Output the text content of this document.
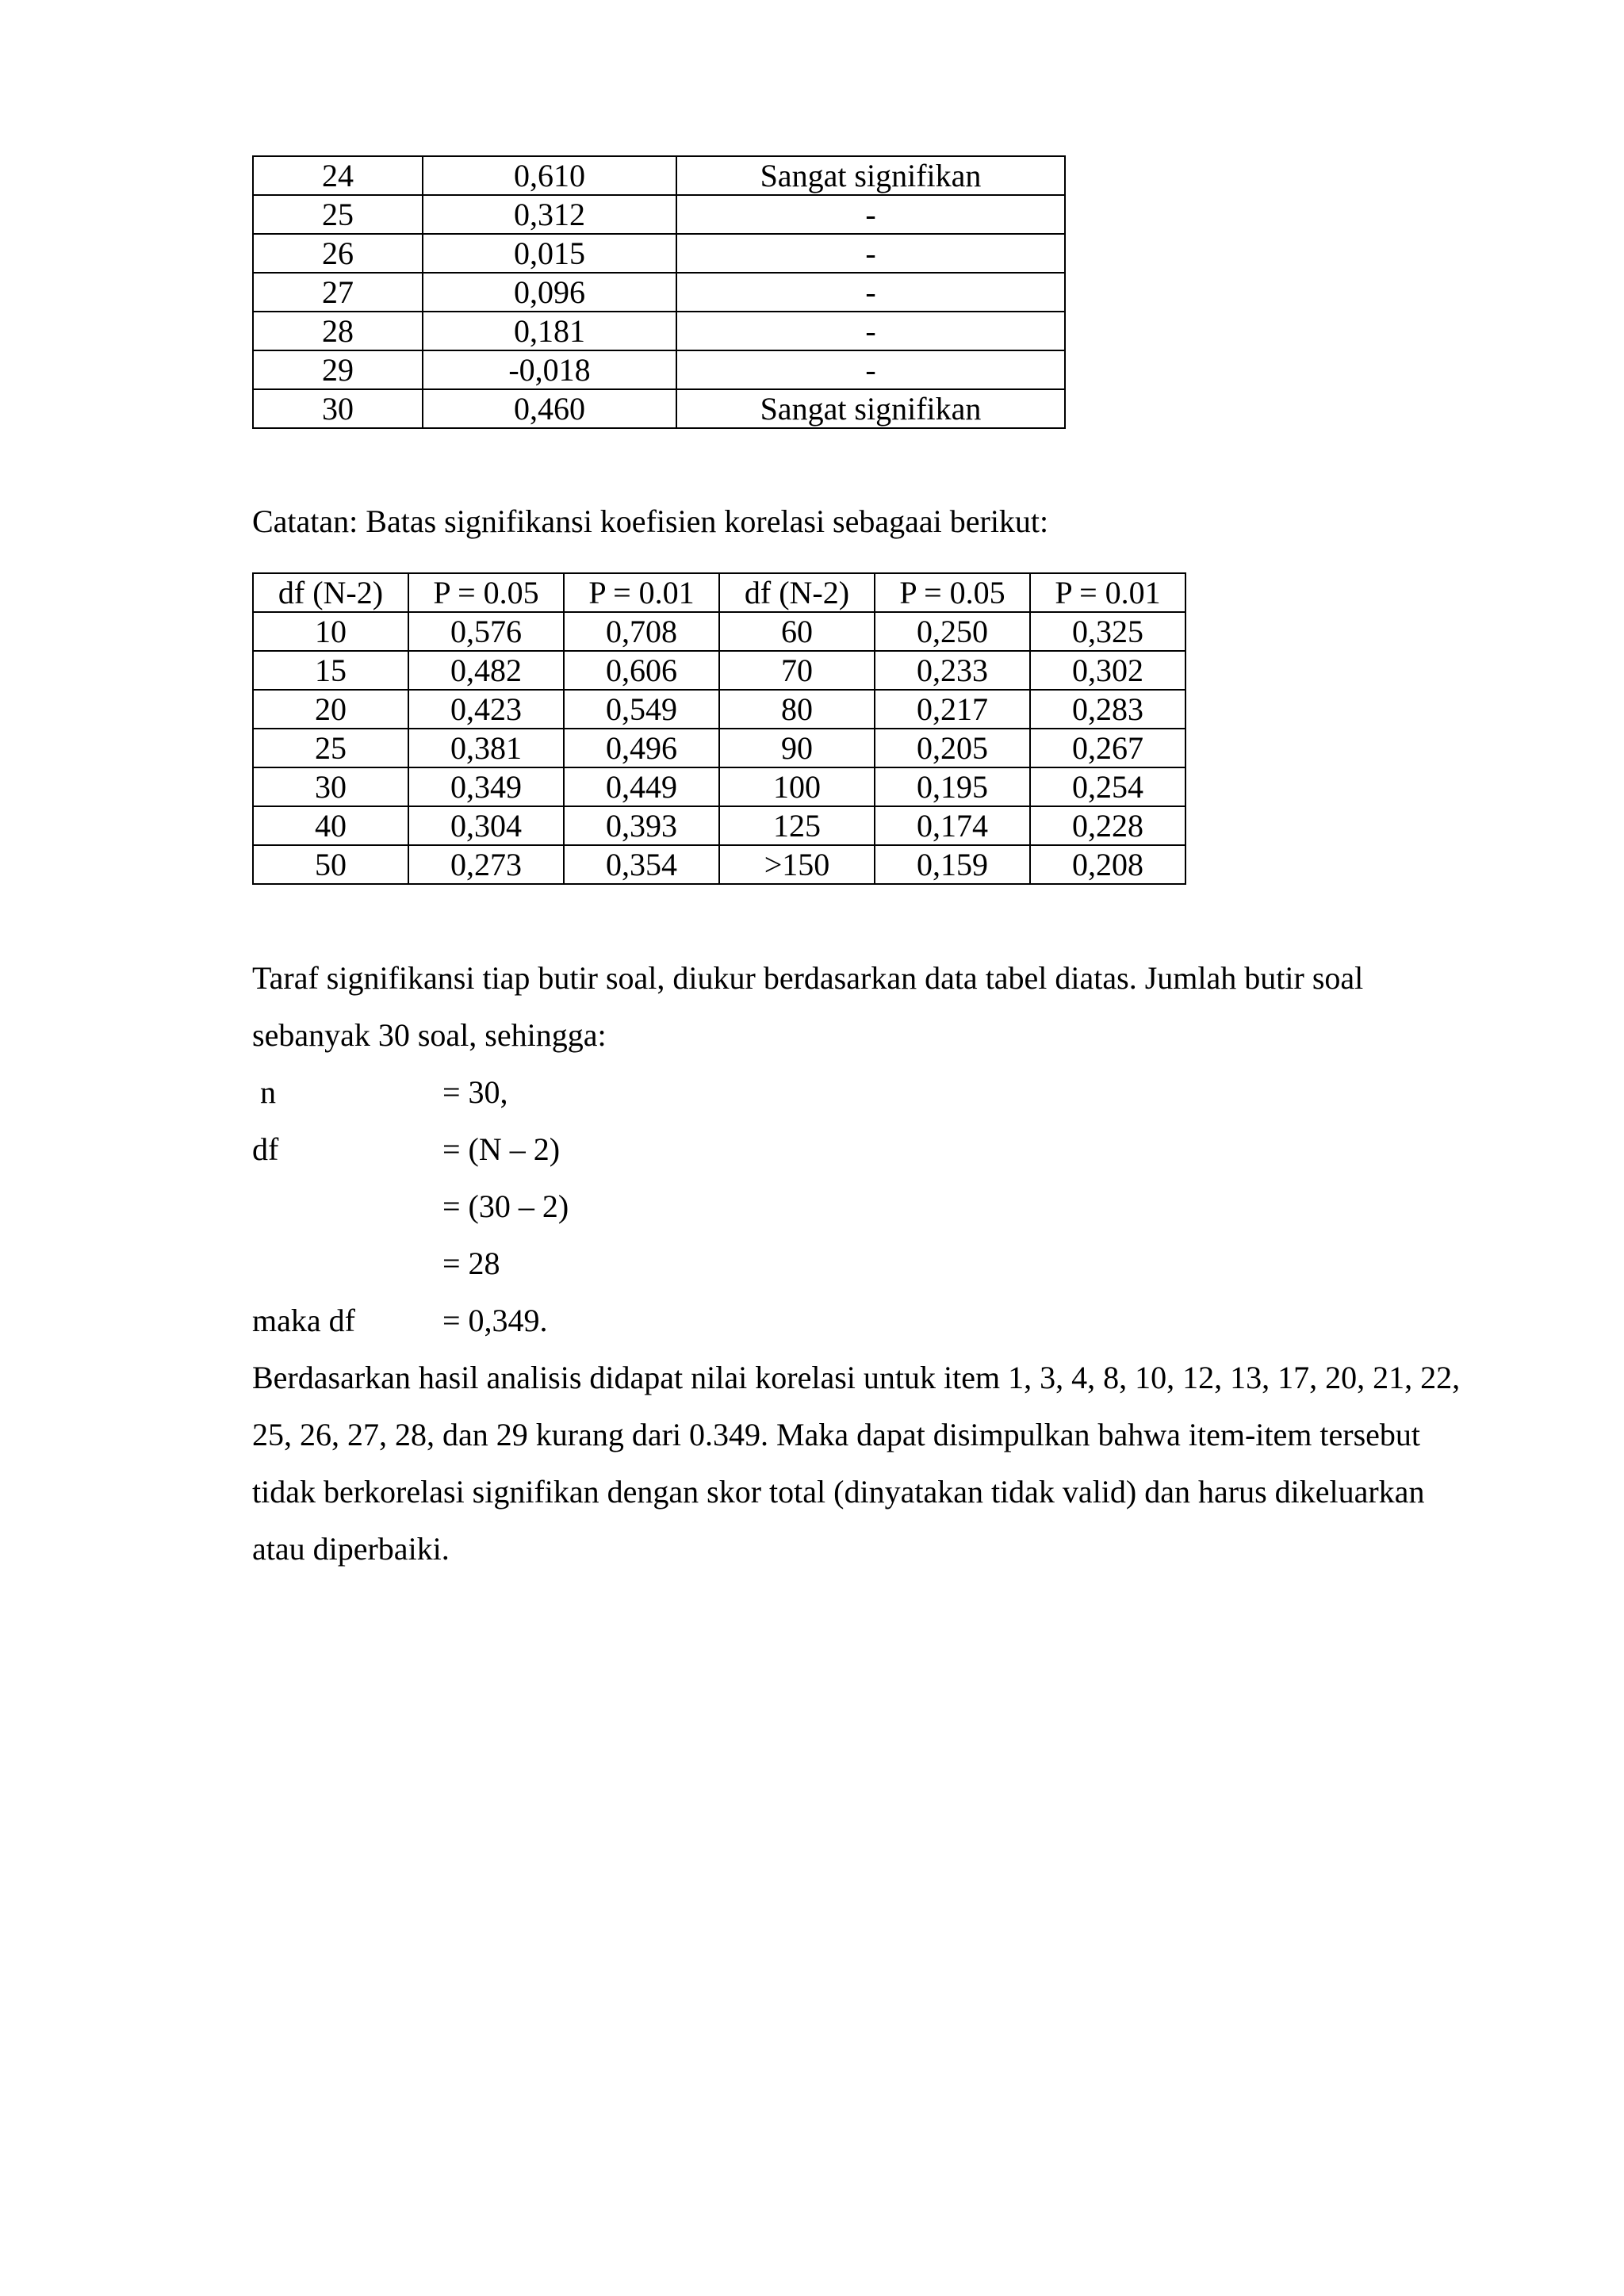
24	0,610	Sangat signifikan
25	0,312	-
26	0,015	-
27	0,096	-
28	0,181	-
29	-0,018	-
30	0,460	Sangat signifikan

Catatan: Batas signifikansi koefisien korelasi sebagaai berikut:

df (N-2)	P = 0.05	P = 0.01	df (N-2)	P = 0.05	P = 0.01
10	0,576	0,708	60	0,250	0,325
15	0,482	0,606	70	0,233	0,302
20	0,423	0,549	80	0,217	0,283
25	0,381	0,496	90	0,205	0,267
30	0,349	0,449	100	0,195	0,254
40	0,304	0,393	125	0,174	0,228
50	0,273	0,354	>150	0,159	0,208

Taraf signifikansi tiap butir soal, diukur berdasarkan data tabel diatas. Jumlah butir soal sebanyak 30 soal, sehingga:

n	= 30,
df	= (N – 2)
= (30 – 2)
= 28
maka df	= 0,349.

Berdasarkan hasil analisis didapat nilai korelasi untuk item 1, 3, 4, 8, 10, 12, 13, 17, 20, 21, 22, 25, 26, 27, 28, dan 29 kurang dari 0.349. Maka dapat disimpulkan bahwa item-item tersebut tidak berkorelasi signifikan dengan skor total (dinyatakan tidak valid) dan harus dikeluarkan atau diperbaiki.
